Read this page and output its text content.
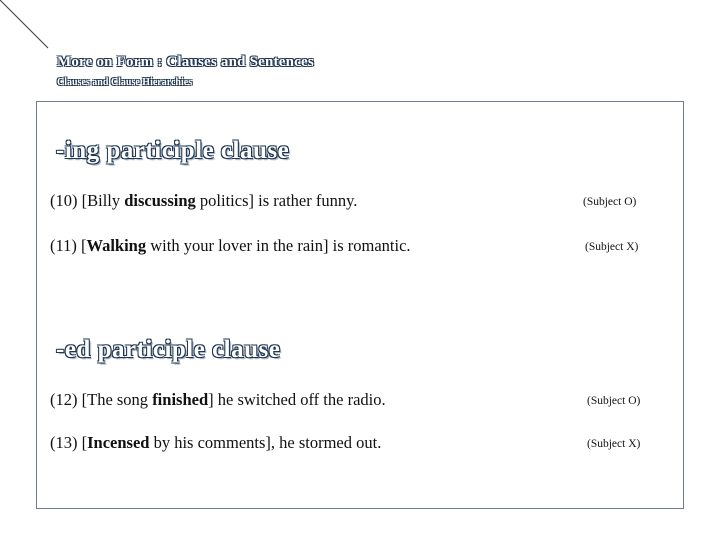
More on Form : Clauses and Sentences
Clauses and Clause Hierarchies
-ing participle clause

(10) [Billy discussing politics] is rather funny.	(Subject O)

(11) [Walking with your lover in the rain] is romantic.	(Subject X)

-ed participle clause

(12) [The song finished] he switched off the radio.	(Subject O)

(13) [Incensed by his comments], he stormed out.	(Subject X)
